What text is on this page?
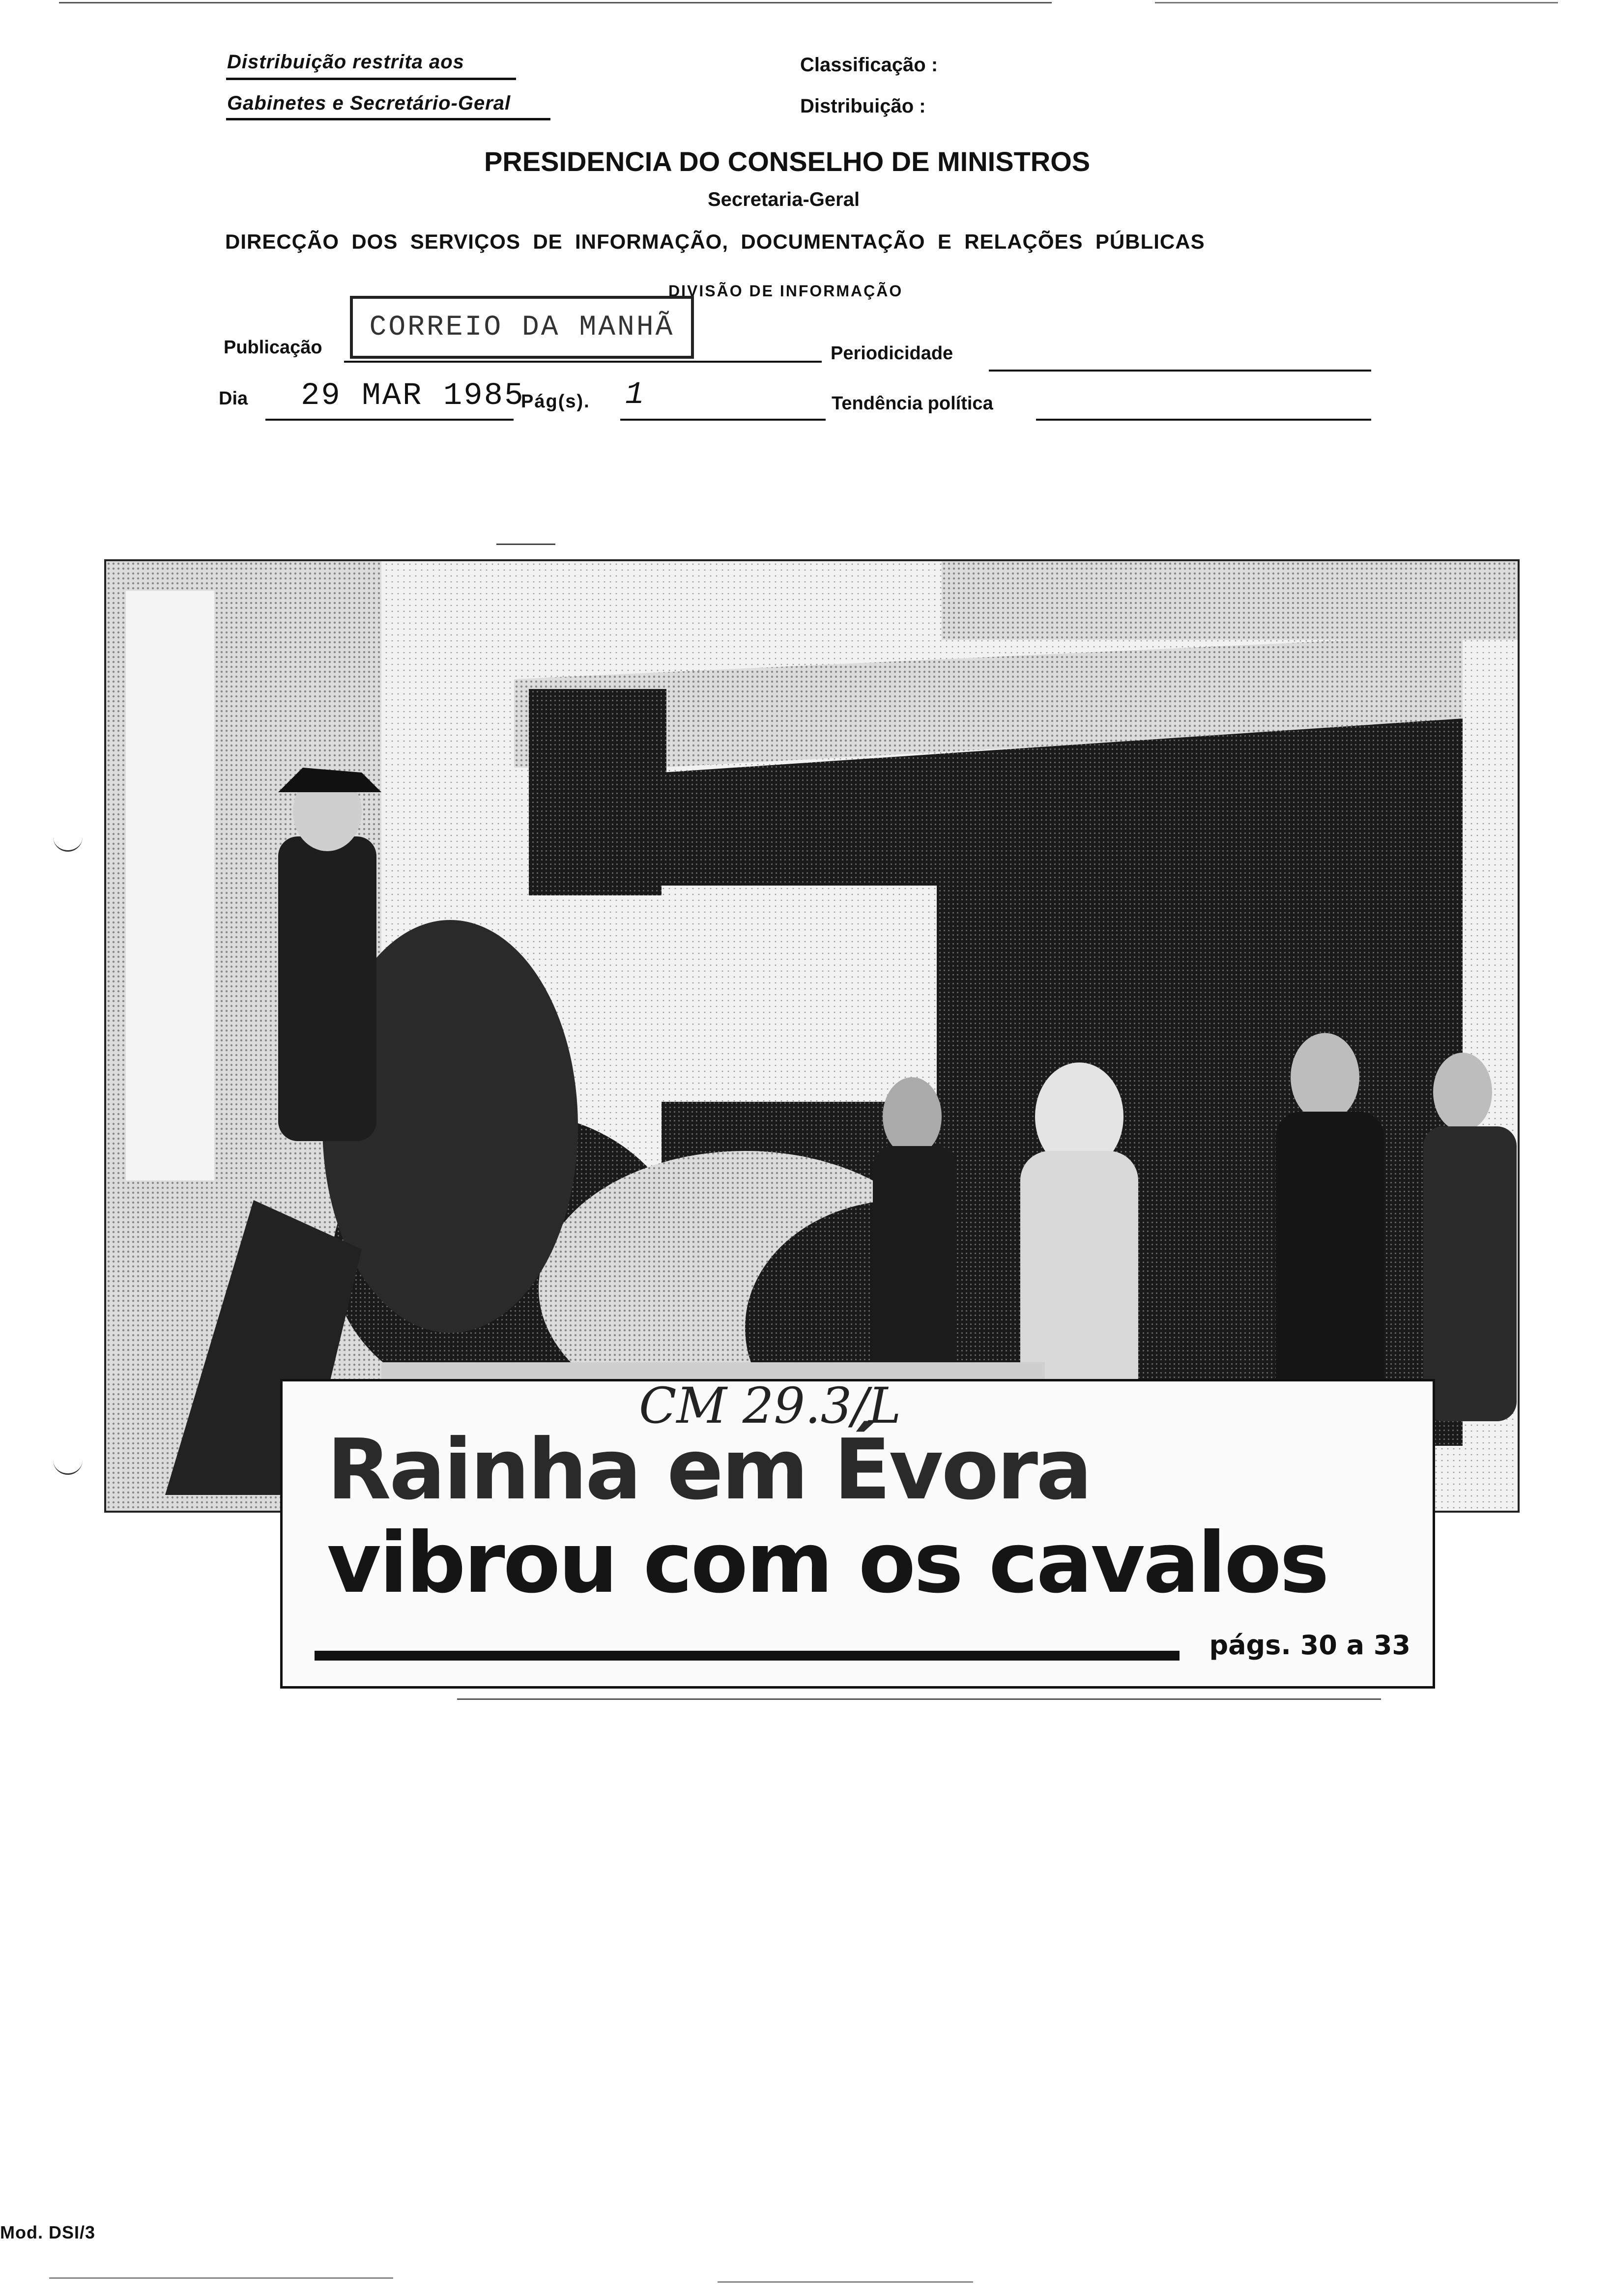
Distribuição restrita aos
Gabinetes e Secretário-Geral
Classificação :
Distribuição :
PRESIDENCIA DO CONSELHO DE MINISTROS
Secretaria-Geral
DIRECÇÃO  DOS  SERVIÇOS  DE  INFORMAÇÃO,  DOCUMENTAÇÃO  E  RELAÇÕES  PÚBLICAS
DIVISÃO DE INFORMAÇÃO
Publicação
CORREIO DA MANHÃ
Periodicidade
Dia 29 MAR 1985
Pág(s). 1	Tendência política
CM 29.3/L
Rainha em Évora
vibrou com os cavalos
págs. 30 a 33
Mod. DSI/3
